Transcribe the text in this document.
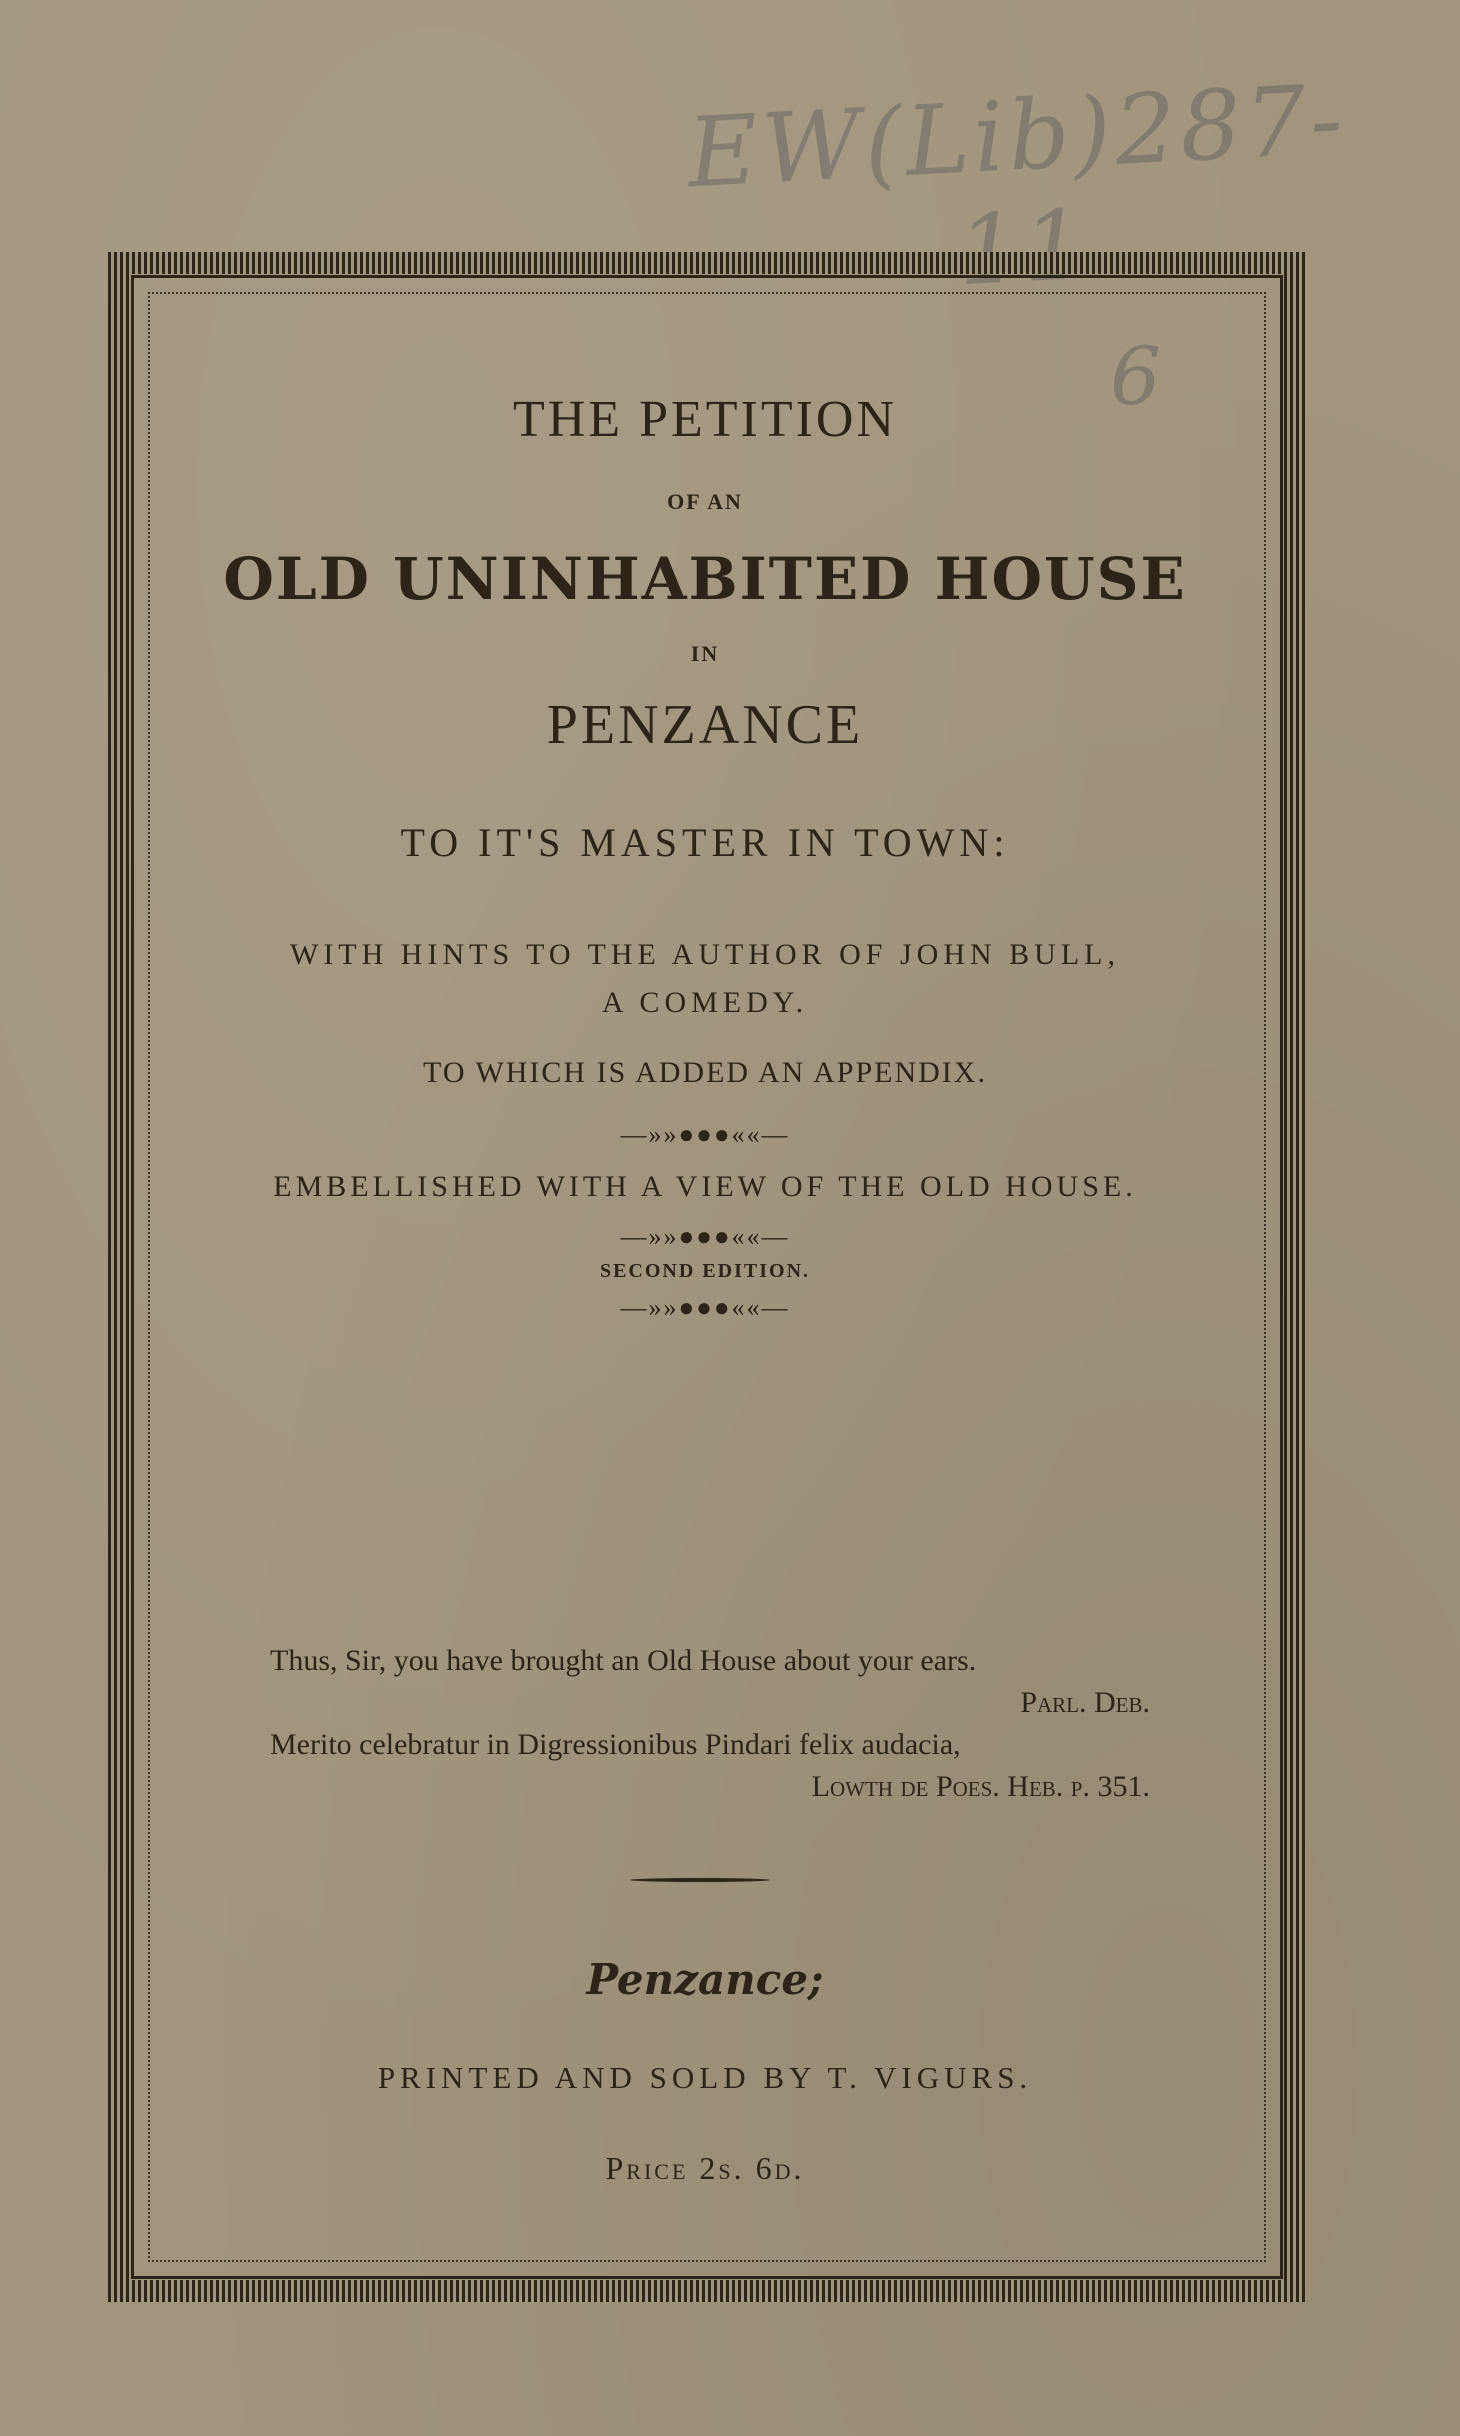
EW(Lib)287-11
6
THE PETITION
OF AN
OLD UNINHABITED HOUSE
IN
PENZANCE
TO IT'S MASTER IN TOWN:
WITH HINTS TO THE AUTHOR OF JOHN BULL,
A COMEDY.
TO WHICH IS ADDED AN APPENDIX.
—»»●●●««—
EMBELLISHED WITH A VIEW OF THE OLD HOUSE.
—»»●●●««—
SECOND EDITION.
—»»●●●««—
Thus, Sir, you have brought an Old House about your ears.
Parl. Deb.
Merito celebratur in Digressionibus Pindari felix audacia,
Lowth de Poes. Heb. p. 351.
Penzance;
PRINTED AND SOLD BY T. VIGURS.
Price 2s. 6d.
